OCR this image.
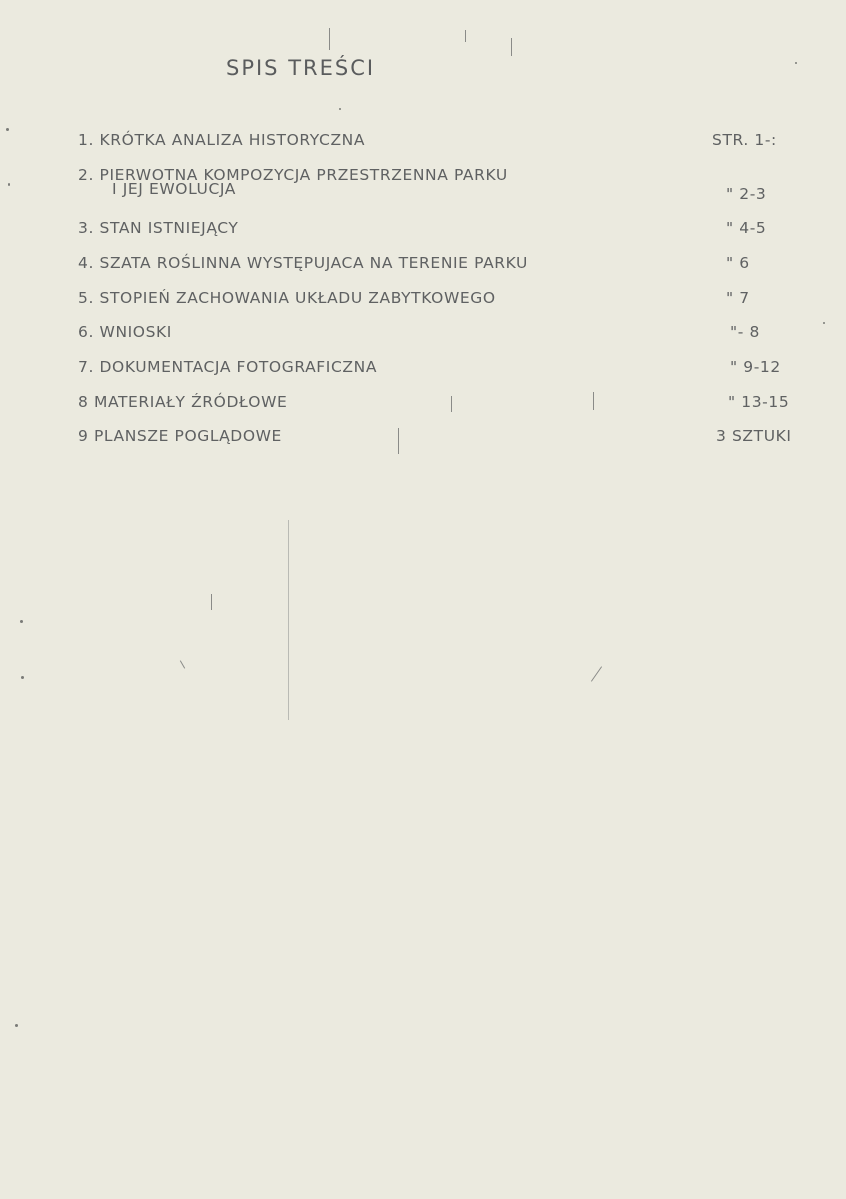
SPIS TREŚCI
1. KRÓTKA ANALIZA HISTORYCZNA	STR. 1-:
2. PIERWOTNA KOMPOZYCJA PRZESTRZENNA PARKU
I JEJ EWOLUCJA	" 2-3
3. STAN ISTNIEJĄCY	" 4-5
4. SZATA ROŚLINNA WYSTĘPUJACA NA TERENIE PARKU	" 6
5. STOPIEŃ ZACHOWANIA UKŁADU ZABYTKOWEGO	" 7
6. WNIOSKI	"- 8
7. DOKUMENTACJA FOTOGRAFICZNA	" 9-12
8 MATERIAŁY ŹRÓDŁOWE	" 13-15
9 PLANSZE POGLĄDOWE	3 SZTUKI
